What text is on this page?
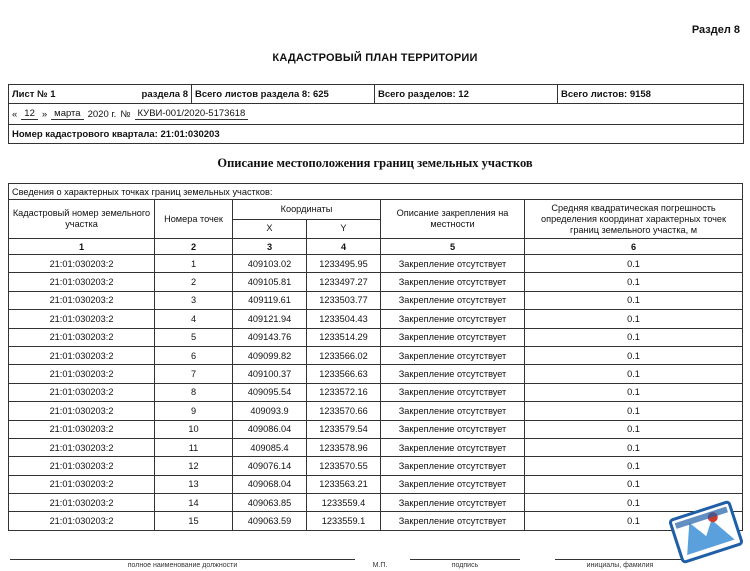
Раздел 8
КАДАСТРОВЫЙ ПЛАН ТЕРРИТОРИИ
Лист № 1	раздела 8 Всего листов раздела 8: 625	Всего разделов: 12	Всего листов: 9158
« 12 » марта 2020 г. № КУВИ-001/2020-5173618
Номер кадастрового квартала: 21:01:030203
Описание местоположения границ земельных участков
Сведения о характерных точках границ земельных участков:					
Кадастровый номер земельного участка	Номера точек	Координаты		Описание закрепления на местности	Средняя квадратическая погрешность определения координат характерных точек границ земельного участка, м
		X	Y		
1	2	3	4	5	6
21:01:030203:2	1	409103.02	1233495.95	Закрепление отсутствует	0.1
21:01:030203:2	2	409105.81	1233497.27	Закрепление отсутствует	0.1
21:01:030203:2	3	409119.61	1233503.77	Закрепление отсутствует	0.1
21:01:030203:2	4	409121.94	1233504.43	Закрепление отсутствует	0.1
21:01:030203:2	5	409143.76	1233514.29	Закрепление отсутствует	0.1
21:01:030203:2	6	409099.82	1233566.02	Закрепление отсутствует	0.1
21:01:030203:2	7	409100.37	1233566.63	Закрепление отсутствует	0.1
21:01:030203:2	8	409095.54	1233572.16	Закрепление отсутствует	0.1
21:01:030203:2	9	409093.9	1233570.66	Закрепление отсутствует	0.1
21:01:030203:2	10	409086.04	1233579.54	Закрепление отсутствует	0.1
21:01:030203:2	11	409085.4	1233578.96	Закрепление отсутствует	0.1
21:01:030203:2	12	409076.14	1233570.55	Закрепление отсутствует	0.1
21:01:030203:2	13	409068.04	1233563.21	Закрепление отсутствует	0.1
21:01:030203:2	14	409063.85	1233559.4	Закрепление отсутствует	0.1
21:01:030203:2	15	409063.59	1233559.1	Закрепление отсутствует	0.1
полное наименование должности	М.П.	подпись	инициалы, фамилия
